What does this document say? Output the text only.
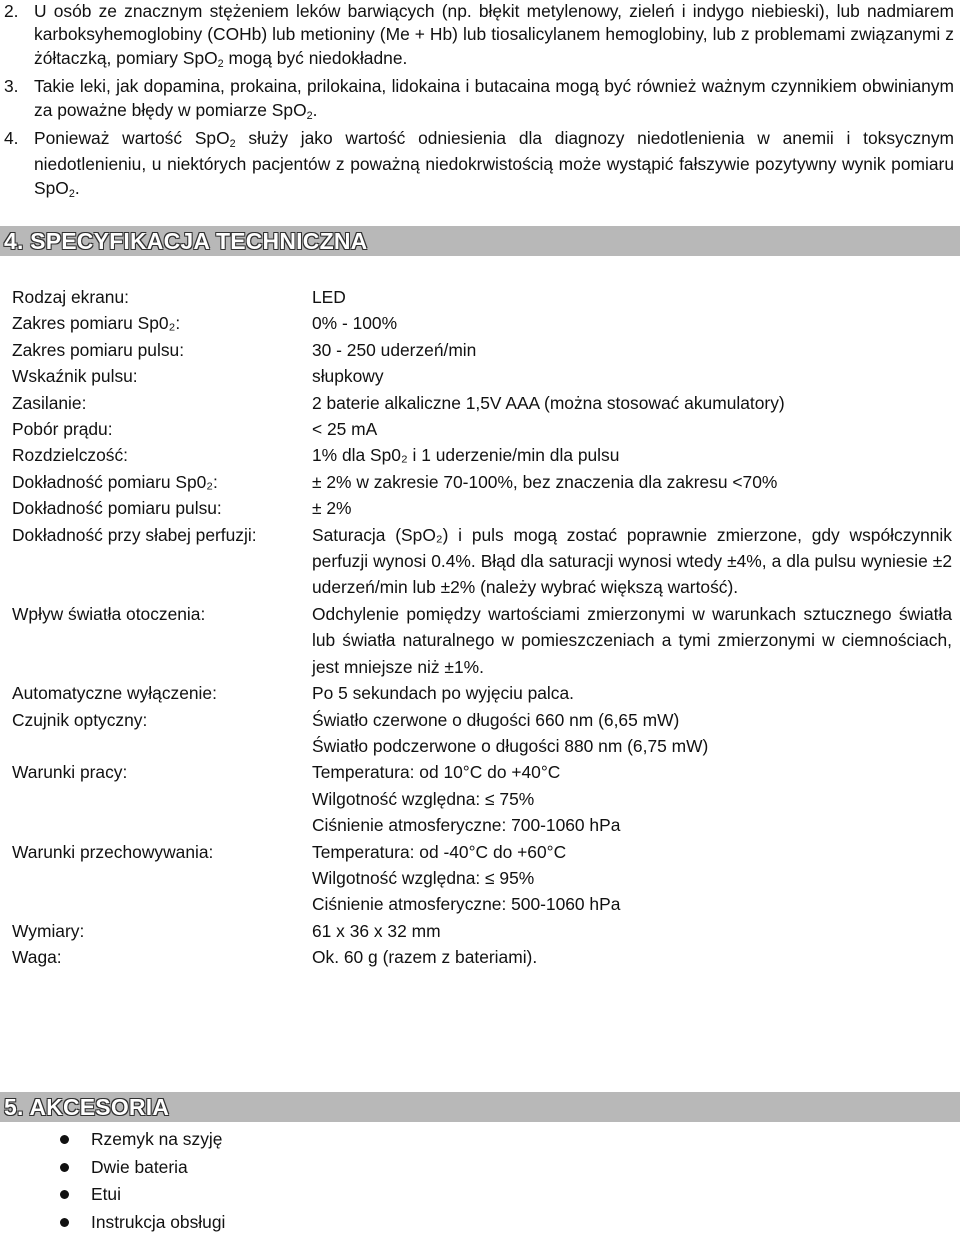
2. U osób ze znacznym stężeniem leków barwiących (np. błękit metylenowy, zieleń i indygo niebieski), lub nadmiarem karboksyhemoglobiny (COHb) lub metioniny (Me + Hb) lub tiosalicylanem hemoglobiny, lub z problemami związanymi z żółtaczką, pomiary SpO$_2$ mogą być niedokładne.
3. Takie leki, jak dopamina, prokaina, prilokaina, lidokaina i butacaina mogą być również ważnym czynnikiem obwinianym za poważne błędy w pomiarze SpO$_2$.
4. Ponieważ wartość SpO$_2$ służy jako wartość odniesienia dla diagnozy niedotlenienia w anemii i toksycznym niedotlenieniu, u niektórych pacjentów z poważną niedokrwistością może wystąpić fałszywie pozytywny wynik pomiaru SpO$_2$.
4. SPECYFIKACJA TECHNICZNA
Rodzaj ekranu:	LED
Zakres pomiaru Sp0₂:	0% - 100%
Zakres pomiaru pulsu:	30 - 250 uderzeń/min
Wskaźnik pulsu:	słupkowy
Zasilanie:	2 baterie alkaliczne 1,5V AAA (można stosować akumulatory)
Pobór prądu:	< 25 mA
Rozdzielczość:	1% dla Sp0₂ i 1 uderzenie/min dla pulsu
Dokładność pomiaru Sp0₂:	± 2% w zakresie 70-100%, bez znaczenia dla zakresu <70%
Dokładność pomiaru pulsu:	± 2%
Dokładność przy słabej perfuzji:	Saturacja (SpO₂) i puls mogą zostać poprawnie zmierzone, gdy współczynnik perfuzji wynosi 0.4%. Błąd dla saturacji wynosi wtedy ±4%, a dla pulsu wyniesie ±2 uderzeń/min lub ±2% (należy wybrać większą wartość).
Wpływ światła otoczenia:	Odchylenie pomiędzy wartościami zmierzonymi w warunkach sztucznego światła lub światła naturalnego w pomieszczeniach a tymi zmierzonymi w ciemnościach, jest mniejsze niż ±1%.
Automatyczne wyłączenie:	Po 5 sekundach po wyjęciu palca.
Czujnik optyczny:	Światło czerwone o długości 660 nm (6,65 mW)
Światło podczerwone o długości 880 nm (6,75 mW)
Warunki pracy:	Temperatura: od 10°C do +40°C
Wilgotność względna: ≤ 75%
Ciśnienie atmosferyczne: 700-1060 hPa
Warunki przechowywania:	Temperatura: od -40°C do +60°C
Wilgotność względna: ≤ 95%
Ciśnienie atmosferyczne: 500-1060 hPa
Wymiary:	61 x 36 x 32 mm
Waga:	Ok. 60 g (razem z bateriami).
5. AKCESORIA
Rzemyk na szyję
Dwie bateria
Etui
Instrukcja obsługi
